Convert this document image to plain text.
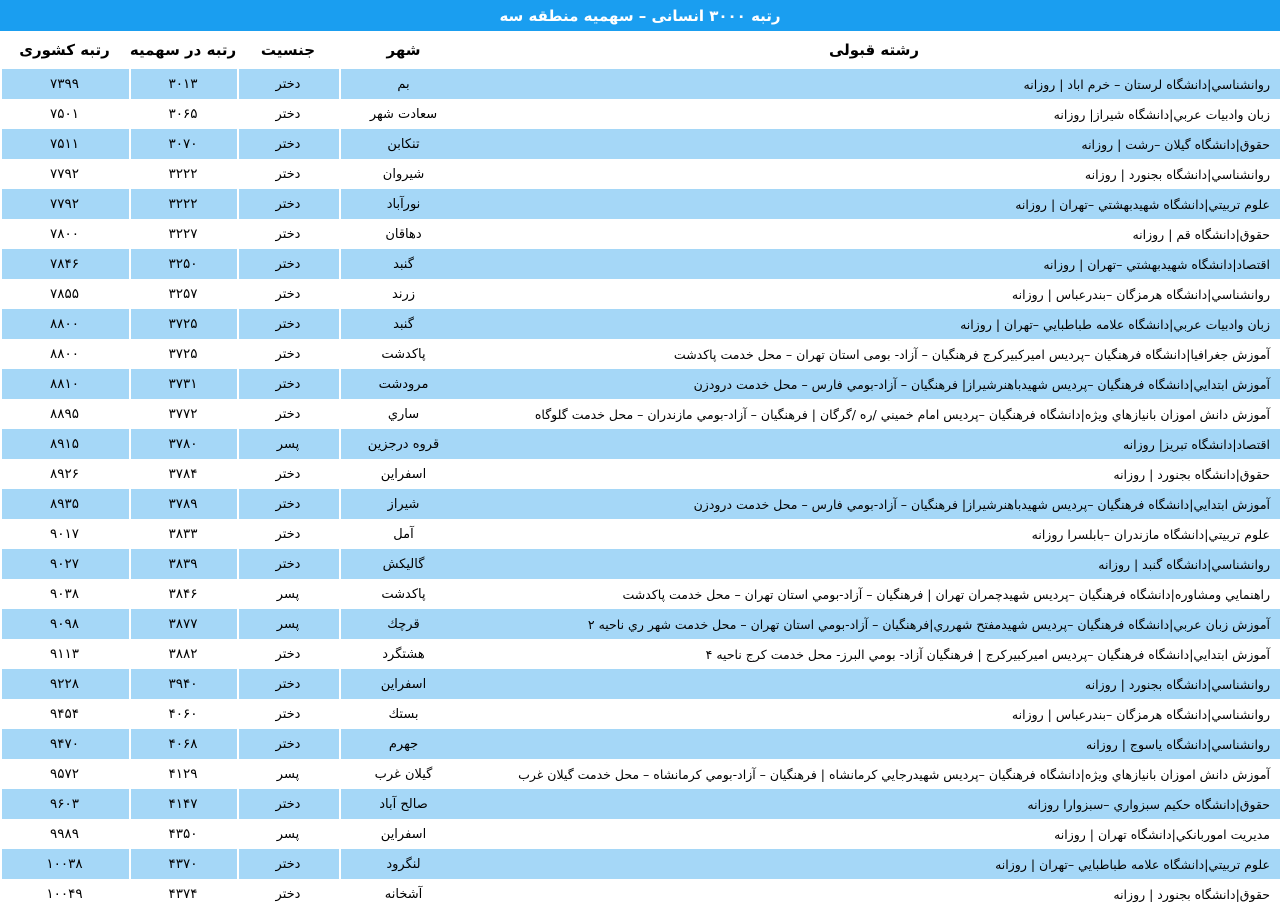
رتبه ۳۰۰۰ انسانی – سهمیه منطقه سه
رشته قبولی	شهر	جنسیت	رتبه در سهمیه	رتبه کشوری
روانشناسي|دانشگاه لرستان – خرم اباد | روزانه	بم	دختر	۳۰۱۳	۷۳۹۹
زبان وادبیات عربي|دانشگاه شیراز| روزانه	سعادت شهر	دختر	۳۰۶۵	۷۵۰۱
حقوق|دانشگاه گیلان –رشت | روزانه	تنکابن	دختر	۳۰۷۰	۷۵۱۱
روانشناسي|دانشگاه بجنورد | روزانه	شیروان	دختر	۳۲۲۲	۷۷۹۲
علوم تربیتي|دانشگاه شهیدبهشتي –تهران | روزانه	نورآباد	دختر	۳۲۲۲	۷۷۹۲
حقوق|دانشگاه قم | روزانه	دهاقان	دختر	۳۲۲۷	۷۸۰۰
اقتصاد|دانشگاه شهیدبهشتي –تهران | روزانه	گنبد	دختر	۳۲۵۰	۷۸۴۶
روانشناسي|دانشگاه هرمزگان –بندرعباس | روزانه	زرند	دختر	۳۲۵۷	۷۸۵۵
زبان وادبیات عربي|دانشگاه علامه طباطبایي –تهران | روزانه	گنبد	دختر	۳۷۲۵	۸۸۰۰
آموزش جغرافیا|دانشگاه فرهنگیان –پردیس امیرکبیرکرج فرهنگیان – آزاد- بومی استان تهران – محل خدمت پاکدشت	پاکدشت	دختر	۳۷۲۵	۸۸۰۰
آموزش ابتدایي|دانشگاه فرهنگیان –پردیس شهیدباهنرشیراز| فرهنگیان – آزاد-بومي فارس – محل خدمت درودزن	مرودشت	دختر	۳۷۳۱	۸۸۱۰
آموزش دانش اموزان بانیازهاي ویژه|دانشگاه فرهنگیان –پردیس امام خمیني /ره /گرگان | فرهنگیان – آزاد-بومي مازندران – محل خدمت گلوگاه	ساري	دختر	۳۷۷۲	۸۸۹۵
اقتصاد|دانشگاه تبریز| روزانه	قروه درجزین	پسر	۳۷۸۰	۸۹۱۵
حقوق|دانشگاه بجنورد | روزانه	اسفراین	دختر	۳۷۸۴	۸۹۲۶
آموزش ابتدایي|دانشگاه فرهنگیان –پردیس شهیدباهنرشیراز| فرهنگیان – آزاد-بومي فارس – محل خدمت درودزن	شیراز	دختر	۳۷۸۹	۸۹۳۵
علوم تربیتي|دانشگاه مازندران –بابلسرا روزانه	آمل	دختر	۳۸۳۳	۹۰۱۷
روانشناسي|دانشگاه گنبد | روزانه	گالیکش	دختر	۳۸۳۹	۹۰۲۷
راهنمایي ومشاوره|دانشگاه فرهنگیان –پردیس شهیدچمران تهران | فرهنگیان – آزاد-بومي استان تهران – محل خدمت پاکدشت	پاکدشت	پسر	۳۸۴۶	۹۰۳۸
آموزش زبان عربي|دانشگاه فرهنگیان –پردیس شهیدمفتح شهرري|فرهنگیان – آزاد-بومي استان تهران – محل خدمت شهر ري ناحیه ۲	قرچك	پسر	۳۸۷۷	۹۰۹۸
آموزش ابتدایي|دانشگاه فرهنگیان –پردیس امیرکبیرکرج | فرهنگیان آزاد- بومي البرز- محل خدمت کرج ناحیه ۴	هشتگرد	دختر	۳۸۸۲	۹۱۱۳
روانشناسي|دانشگاه بجنورد | روزانه	اسفراین	دختر	۳۹۴۰	۹۲۲۸
روانشناسي|دانشگاه هرمزگان –بندرعباس | روزانه	بستك	دختر	۴۰۶۰	۹۴۵۴
روانشناسي|دانشگاه یاسوج | روزانه	جهرم	دختر	۴۰۶۸	۹۴۷۰
آموزش دانش اموزان بانیازهاي ویژه|دانشگاه فرهنگیان –پردیس شهیدرجایي کرمانشاه | فرهنگیان – آزاد-بومي کرمانشاه – محل خدمت گیلان غرب	گیلان غرب	پسر	۴۱۲۹	۹۵۷۲
حقوق|دانشگاه حکیم سبزواري –سبزوارا روزانه	صالح آباد	دختر	۴۱۴۷	۹۶۰۳
مدیریت اموربانکي|دانشگاه تهران | روزانه	اسفراین	پسر	۴۳۵۰	۹۹۸۹
علوم تربیتي|دانشگاه علامه طباطبایي –تهران | روزانه	لنگرود	دختر	۴۳۷۰	۱۰۰۳۸
حقوق|دانشگاه بجنورد | روزانه	آشخانه	دختر	۴۳۷۴	۱۰۰۴۹
